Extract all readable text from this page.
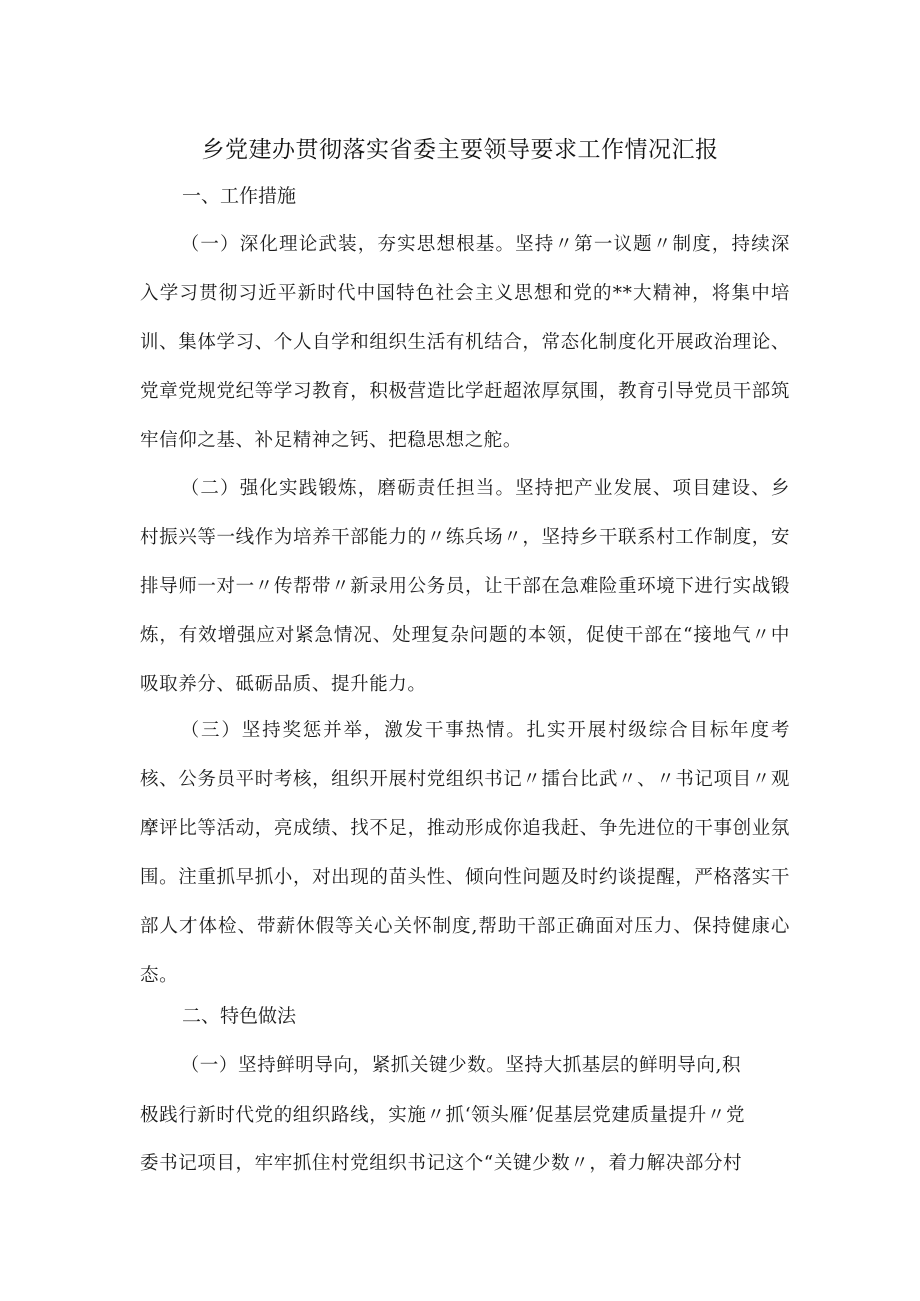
乡党建办贯彻落实省委主要领导要求工作情况汇报
一、工作措施
（一）深化理论武装，夯实思想根基。坚持〃第一议题〃制度，持续深入学习贯彻习近平新时代中国特色社会主义思想和党的**大精神，将集中培训、集体学习、个人自学和组织生活有机结合，常态化制度化开展政治理论、党章党规党纪等学习教育，积极营造比学赶超浓厚氛围，教育引导党员干部筑牢信仰之基、补足精神之钙、把稳思想之舵。
（二）强化实践锻炼，磨砺责任担当。坚持把产业发展、项目建设、乡村振兴等一线作为培养干部能力的〃练兵场〃，坚持乡干联系村工作制度，安排导师一对一〃传帮带〃新录用公务员，让干部在急难险重环境下进行实战锻炼，有效增强应对紧急情况、处理复杂问题的本领，促使干部在“接地气〃中吸取养分、砥砺品质、提升能力。
（三）坚持奖惩并举，激发干事热情。扎实开展村级综合目标年度考核、公务员平时考核，组织开展村党组织书记〃擂台比武〃、〃书记项目〃观摩评比等活动，亮成绩、找不足，推动形成你追我赶、争先进位的干事创业氛围。注重抓早抓小，对出现的苗头性、倾向性问题及时约谈提醒，严格落实干部人才体检、带薪休假等关心关怀制度,帮助干部正确面对压力、保持健康心态。
二、特色做法
（一）坚持鲜明导向，紧抓关键少数。坚持大抓基层的鲜明导向,积
极践行新时代党的组织路线，实施〃抓‘领头雁’促基层党建质量提升〃党
委书记项目，牢牢抓住村党组织书记这个“关键少数〃，着力解决部分村
